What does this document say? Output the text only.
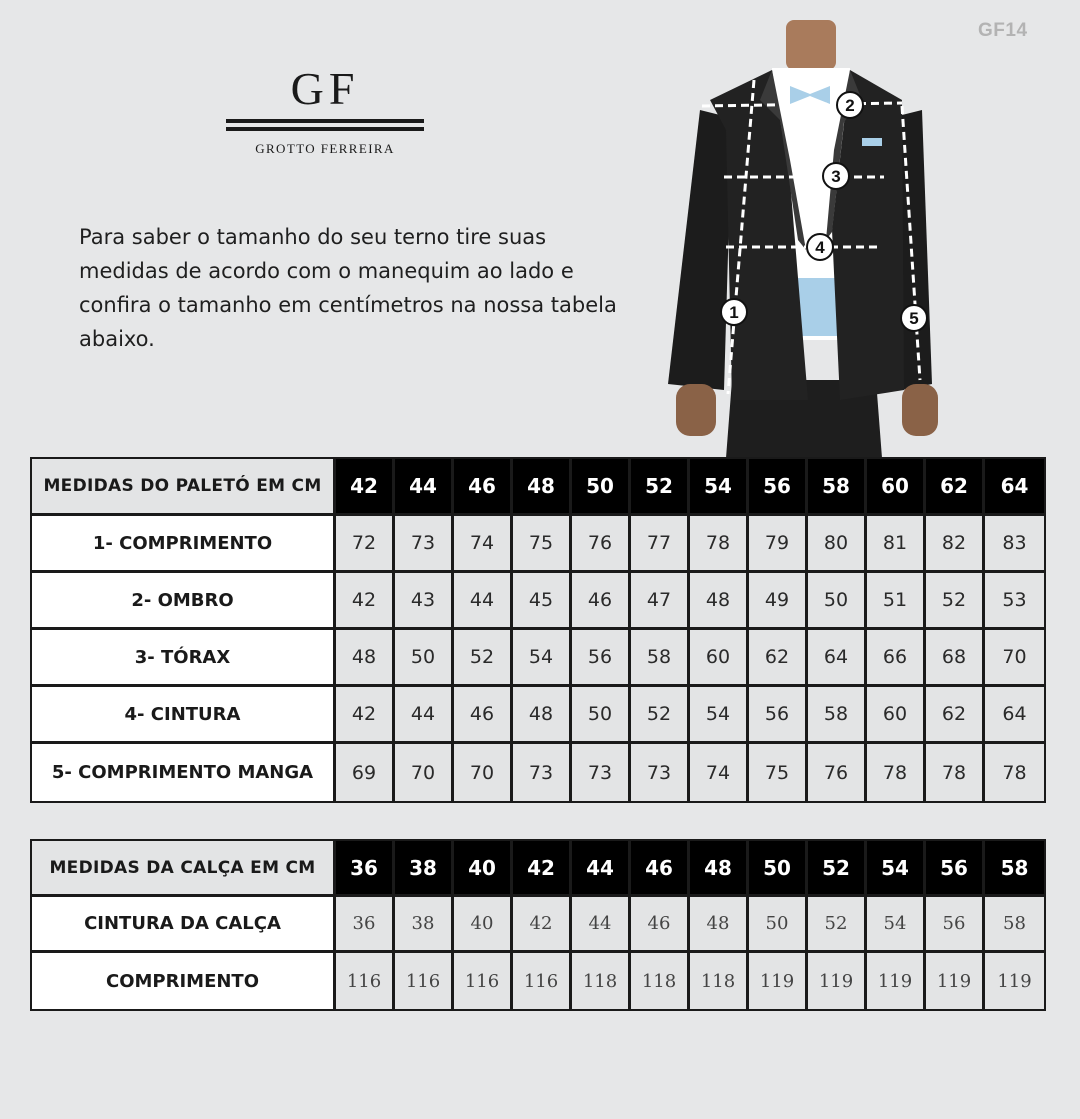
GF14
GF
GROTTO FERREIRA

Para saber o tamanho do seu terno tire suas medidas de acordo com o manequim ao lado e confira o tamanho em centímetros na nossa tabela abaixo.

1
2
3
4
5
MEDIDAS DO PALETÓ EM CM	42	44	46	48	50	52	54	56	58	60	62	64
1- COMPRIMENTO	72	73	74	75	76	77	78	79	80	81	82	83
2- OMBRO	42	43	44	45	46	47	48	49	50	51	52	53
3- TÓRAX	48	50	52	54	56	58	60	62	64	66	68	70
4- CINTURA	42	44	46	48	50	52	54	56	58	60	62	64
5- COMPRIMENTO MANGA	69	70	70	73	73	73	74	75	76	78	78	78
MEDIDAS DA CALÇA EM CM	36	38	40	42	44	46	48	50	52	54	56	58
CINTURA DA CALÇA	36	38	40	42	44	46	48	50	52	54	56	58
COMPRIMENTO	116	116	116	116	118	118	118	119	119	119	119	119
